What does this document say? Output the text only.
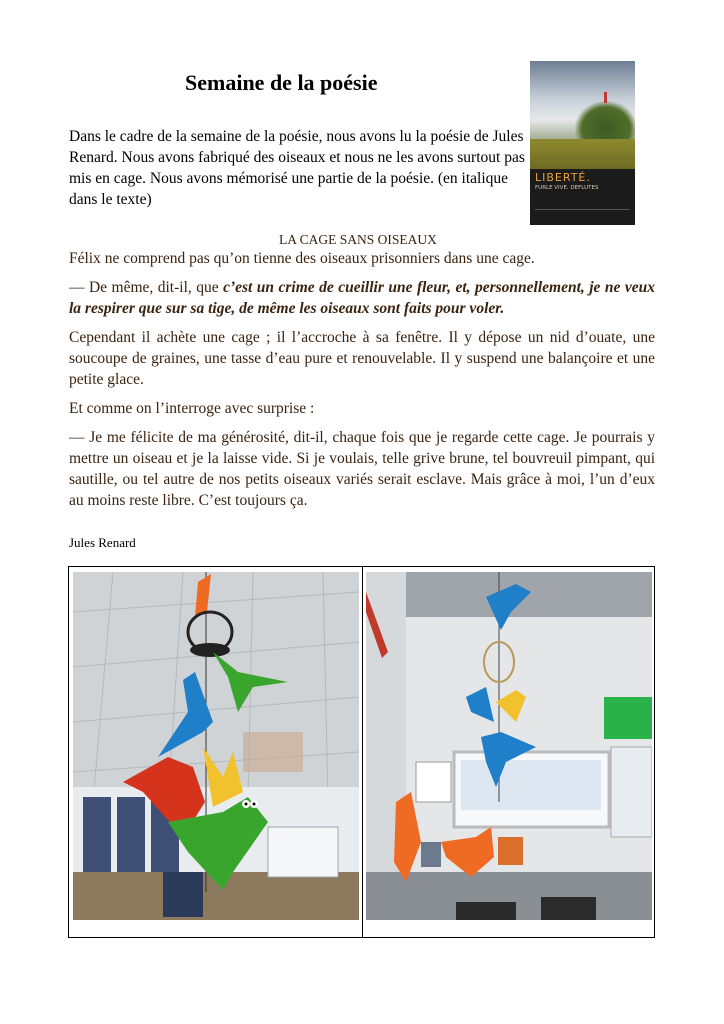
Semaine de la poésie

Dans le cadre de la semaine de la poésie, nous avons lu la poésie de Jules Renard. Nous avons fabriqué des oiseaux et nous ne les avons surtout pas mis en cage. Nous avons mémorisé une partie de la poésie. (en italique dans le texte)

LIBERTÉ.
FURLE VIVE. DEFLUTES

LA CAGE SANS OISEAUX

Félix ne comprend pas qu’on tienne des oiseaux prisonniers dans une cage.

— De même, dit-il, que c’est un crime de cueillir une fleur, et, personnellement, je ne veux la respirer que sur sa tige, de même les oiseaux sont faits pour voler.

Cependant il achète une cage ; il l’accroche à sa fenêtre. Il y dépose un nid d’ouate, une soucoupe de graines, une tasse d’eau pure et renouvelable. Il y suspend une balançoire et une petite glace.

Et comme on l’interroge avec surprise :

— Je me félicite de ma générosité, dit-il, chaque fois que je regarde cette cage. Je pourrais y mettre un oiseau et je la laisse vide. Si je voulais, telle grive brune, tel bouvreuil pimpant, qui sautille, ou tel autre de nos petits oiseaux variés serait esclave. Mais grâce à moi, l’un d’eux au moins reste libre. C’est toujours ça.

Jules Renard
